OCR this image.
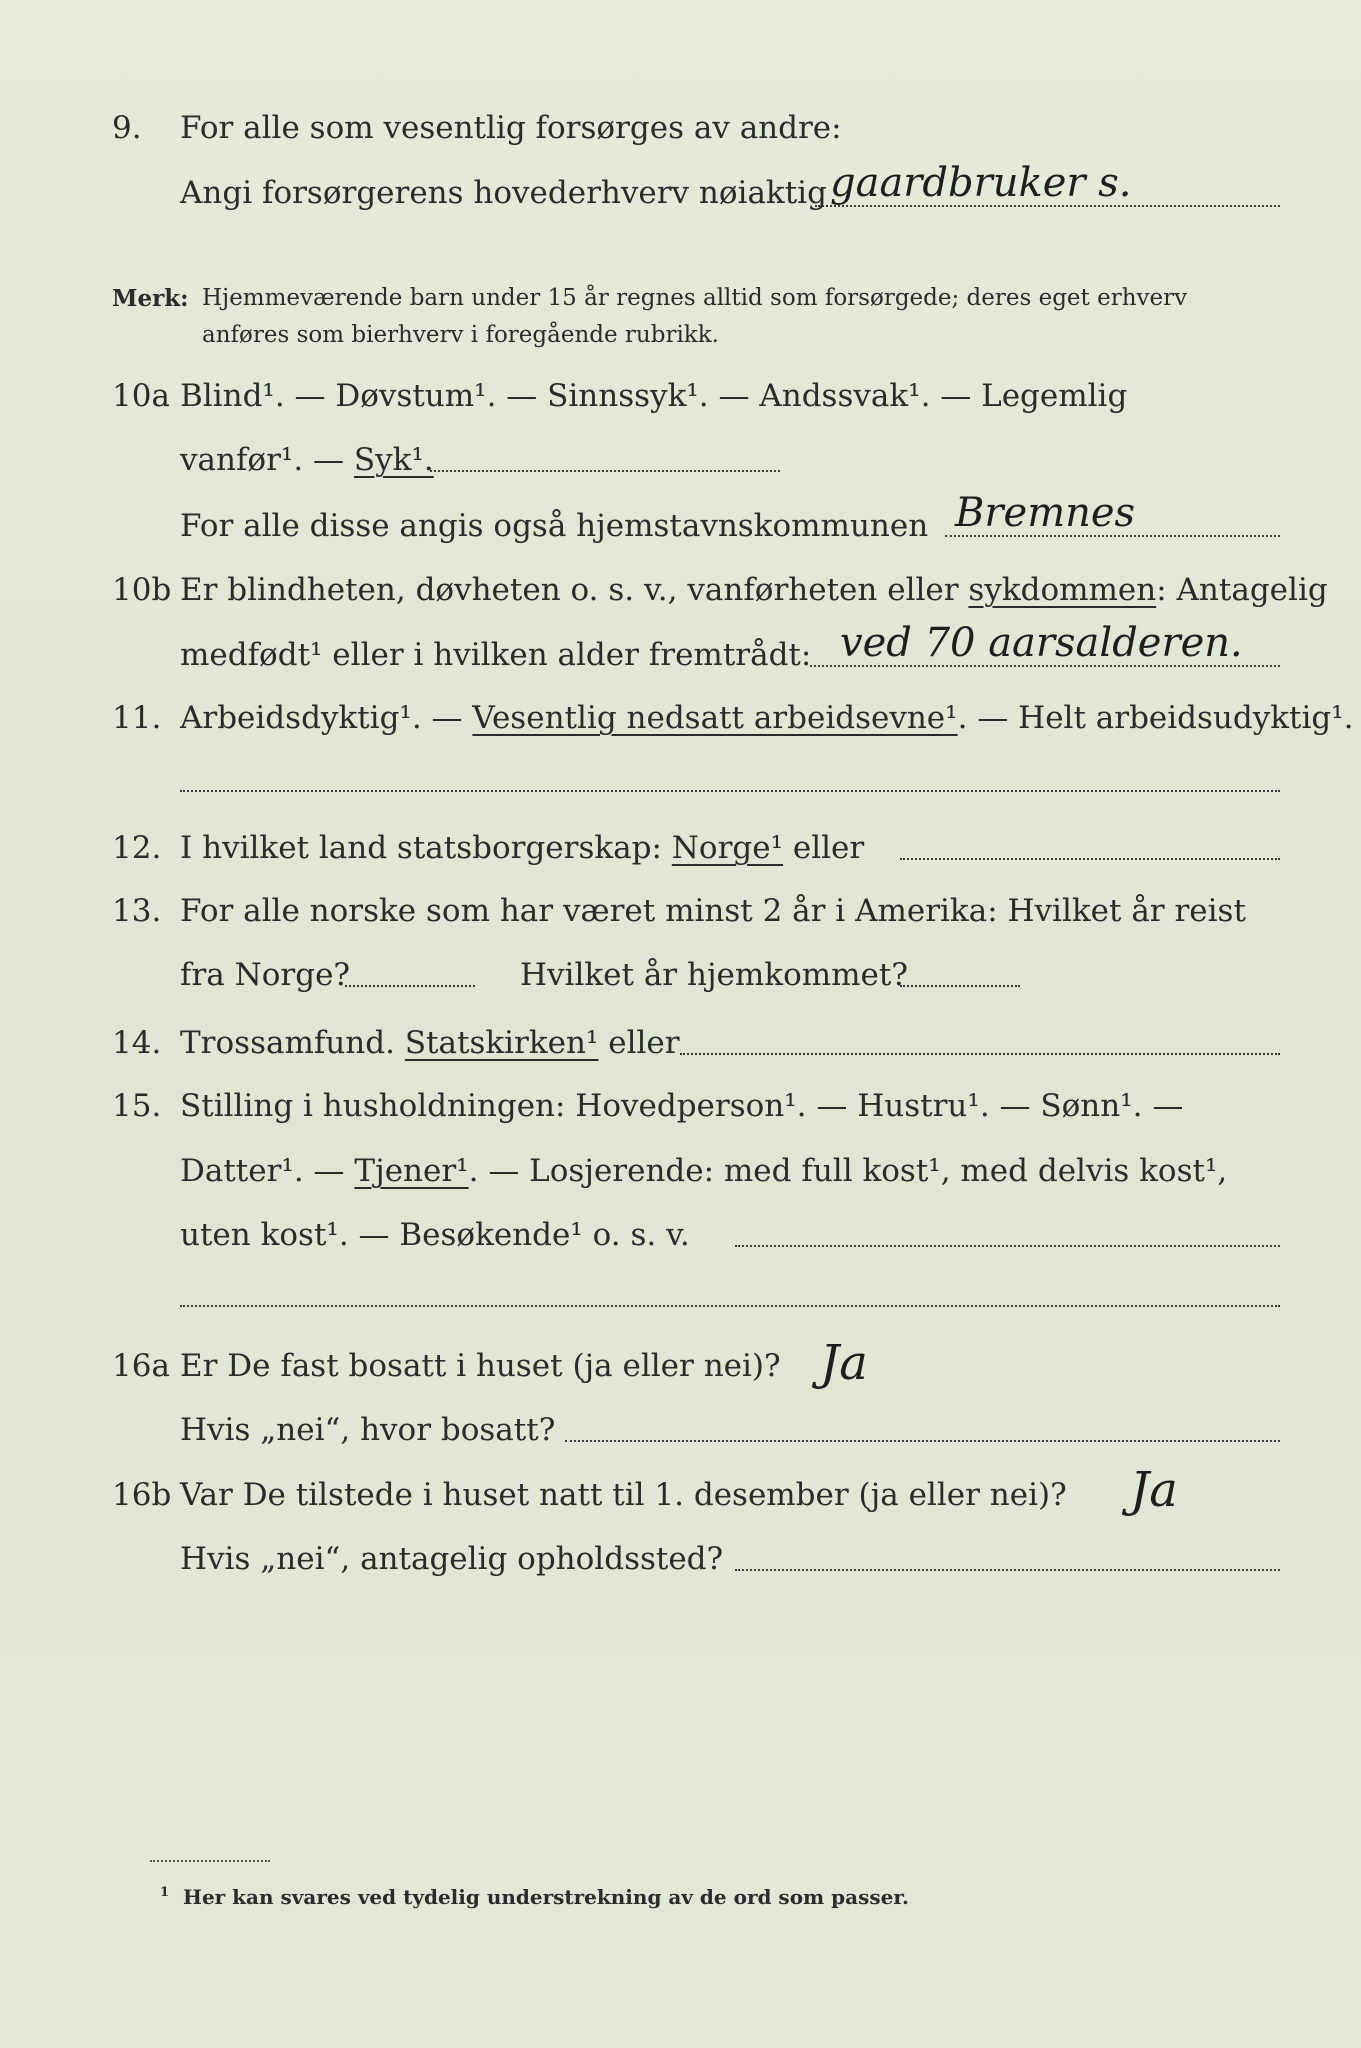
9. For alle som vesentlig forsørges av andre:
Angi forsørgerens hovederhverv nøiaktig gaardbruker s.
Merk: Hjemmeværende barn under 15 år regnes alltid som forsørgede; deres eget erhverv
anføres som bierhverv i foregående rubrikk.
10a Blind¹. — Døvstum¹. — Sinnssyk¹. — Andssvak¹. — Legemlig
vanfør¹. — Syk¹.
For alle disse angis også hjemstavnskommunen Bremnes
10b Er blindheten, døvheten o. s. v., vanførheten eller sykdommen: Antagelig
medfødt¹ eller i hvilken alder fremtrådt: ved 70 aarsalderen.
11. Arbeidsdyktig¹. — Vesentlig nedsatt arbeidsevne¹. — Helt arbeidsudyktig¹.
12. I hvilket land statsborgerskap: Norge¹ eller
13. For alle norske som har været minst 2 år i Amerika: Hvilket år reist
fra Norge?	Hvilket år hjemkommet?
14. Trossamfund. Statskirken¹ eller
15. Stilling i husholdningen: Hovedperson¹. — Hustru¹. — Sønn¹. —
Datter¹. — Tjener¹. — Losjerende: med full kost¹, med delvis kost¹,
uten kost¹. — Besøkende¹ o. s. v.
16a Er De fast bosatt i huset (ja eller nei)? Ja
Hvis „nei“, hvor bosatt?
16b Var De tilstede i huset natt til 1. desember (ja eller nei)? Ja
Hvis „nei“, antagelig opholdssted?
$^1$ Her kan svares ved tydelig understrekning av de ord som passer.
